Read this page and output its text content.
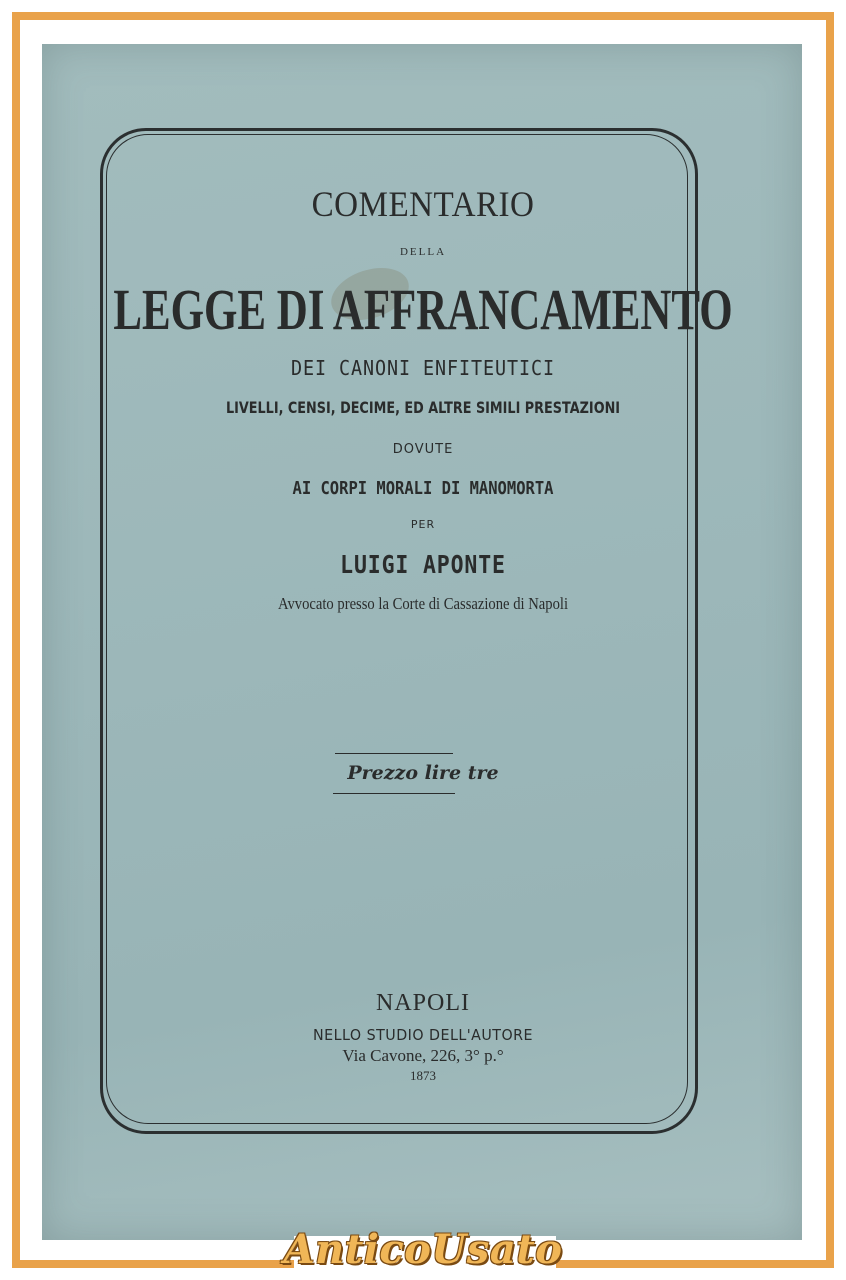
COMENTARIO
DELLA
LEGGE DI AFFRANCAMENTO
DEI CANONI ENFITEUTICI
LIVELLI, CENSI, DECIME, ED ALTRE SIMILI PRESTAZIONI
DOVUTE
AI CORPI MORALI DI MANOMORTA
PER
LUIGI APONTE
Avvocato presso la Corte di Cassazione di Napoli
Prezzo lire tre
NAPOLI
NELLO STUDIO DELL'AUTORE
Via Cavone, 226, 3° p.°
1873
AnticoUsato
